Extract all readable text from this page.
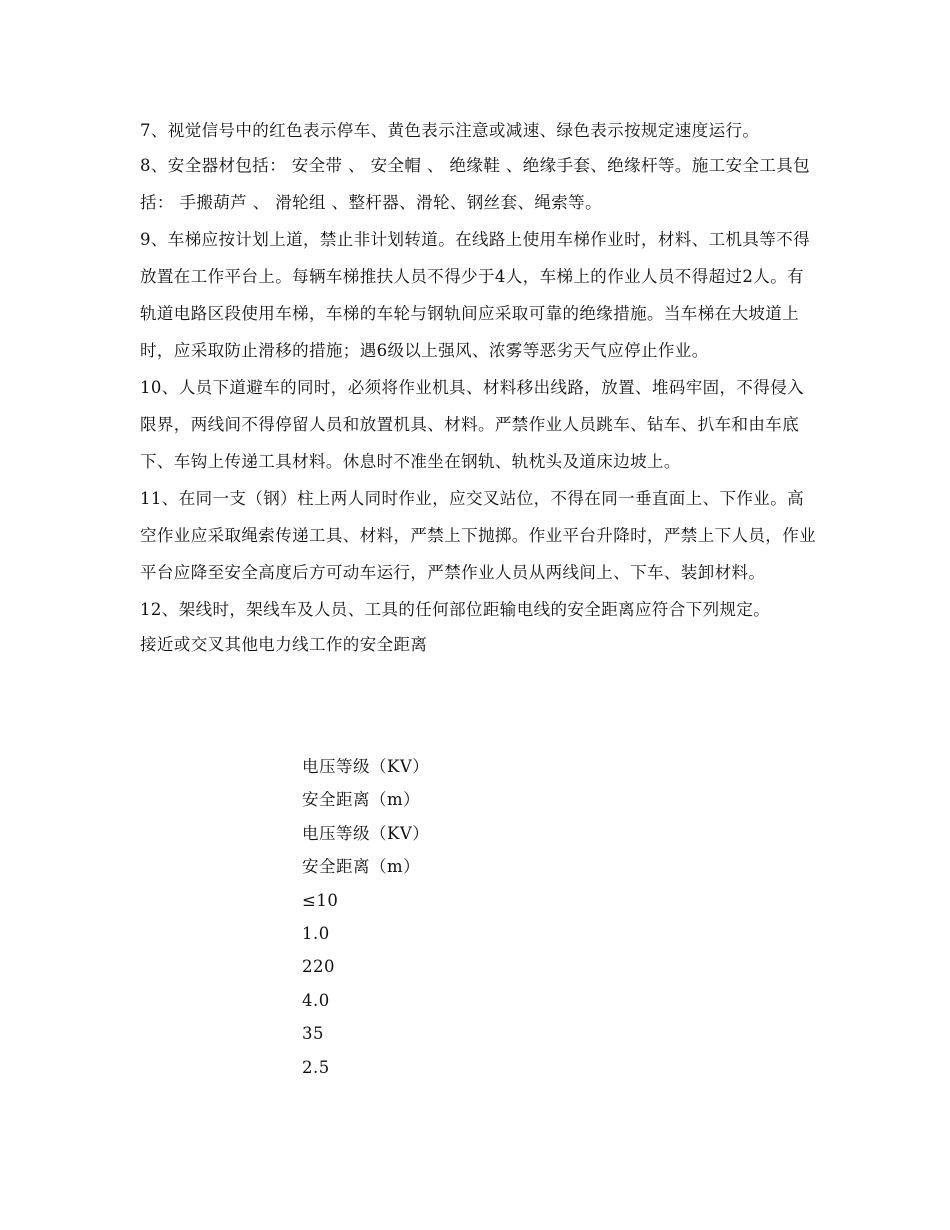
7、视觉信号中的红色表示停车、黄色表示注意或减速、绿色表示按规定速度运行。

8、安全器材包括： 安全带 、 安全帽 、 绝缘鞋 、绝缘手套、绝缘杆等。施工安全工具包括： 手搬葫芦 、 滑轮组 、整杆器、滑轮、钢丝套、绳索等。

9、车梯应按计划上道，禁止非计划转道。在线路上使用车梯作业时，材料、工机具等不得放置在工作平台上。每辆车梯推扶人员不得少于4人，车梯上的作业人员不得超过2人。有轨道电路区段使用车梯，车梯的车轮与钢轨间应采取可靠的绝缘措施。当车梯在大坡道上时，应采取防止滑移的措施；遇6级以上强风、浓雾等恶劣天气应停止作业。

10、人员下道避车的同时，必须将作业机具、材料移出线路，放置、堆码牢固，不得侵入限界，两线间不得停留人员和放置机具、材料。严禁作业人员跳车、钻车、扒车和由车底下、车钩上传递工具材料。休息时不准坐在钢轨、轨枕头及道床边坡上。

11、在同一支（钢）柱上两人同时作业，应交叉站位，不得在同一垂直面上、下作业。高空作业应采取绳索传递工具、材料，严禁上下抛掷。作业平台升降时，严禁上下人员，作业平台应降至安全高度后方可动车运行，严禁作业人员从两线间上、下车、装卸材料。

12、架线时，架线车及人员、工具的任何部位距输电线的安全距离应符合下列规定。

接近或交叉其他电力线工作的安全距离

电压等级（KV）
安全距离（m）
电压等级（KV）
安全距离（m）
≤10
1.0
220
4.0
35
2.5
